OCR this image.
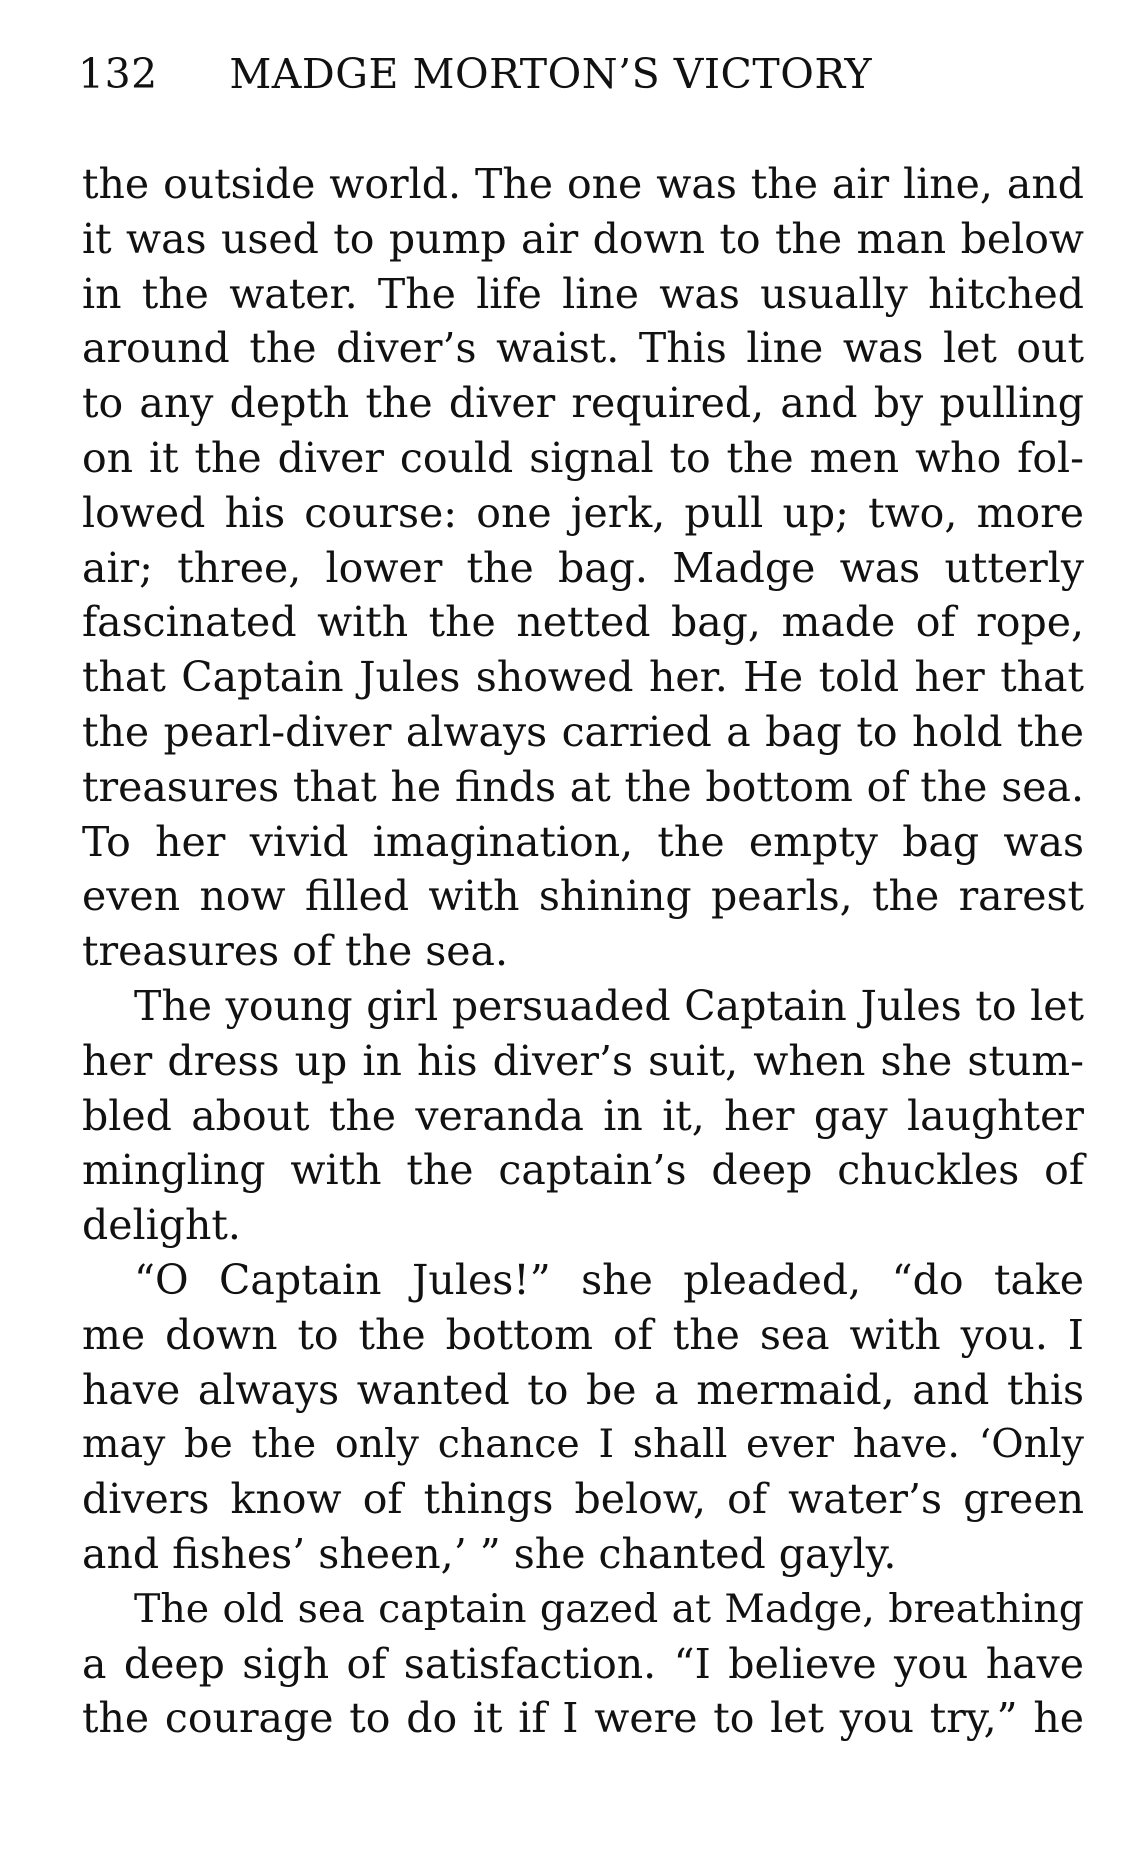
132 MADGE MORTON’S VICTORY
the outside world. The one was the air line, and
it was used to pump air down to the man below
in the water. The life line was usually hitched
around the diver’s waist. This line was let out
to any depth the diver required, and by pulling
on it the diver could signal to the men who fol-
lowed his course: one jerk, pull up; two, more
air; three, lower the bag. Madge was utterly
fascinated with the netted bag, made of rope,
that Captain Jules showed her. He told her that
the pearl-diver always carried a bag to hold the
treasures that he finds at the bottom of the sea.
To her vivid imagination, the empty bag was
even now filled with shining pearls, the rarest
treasures of the sea.
The young girl persuaded Captain Jules to let
her dress up in his diver’s suit, when she stum-
bled about the veranda in it, her gay laughter
mingling with the captain’s deep chuckles of
delight.
“O Captain Jules!” she pleaded, “do take
me down to the bottom of the sea with you. I
have always wanted to be a mermaid, and this
may be the only chance I shall ever have. ‘Only
divers know of things below, of water’s green
and fishes’ sheen,’ ” she chanted gayly.
The old sea captain gazed at Madge, breathing
a deep sigh of satisfaction. “I believe you have
the courage to do it if I were to let you try,” he
